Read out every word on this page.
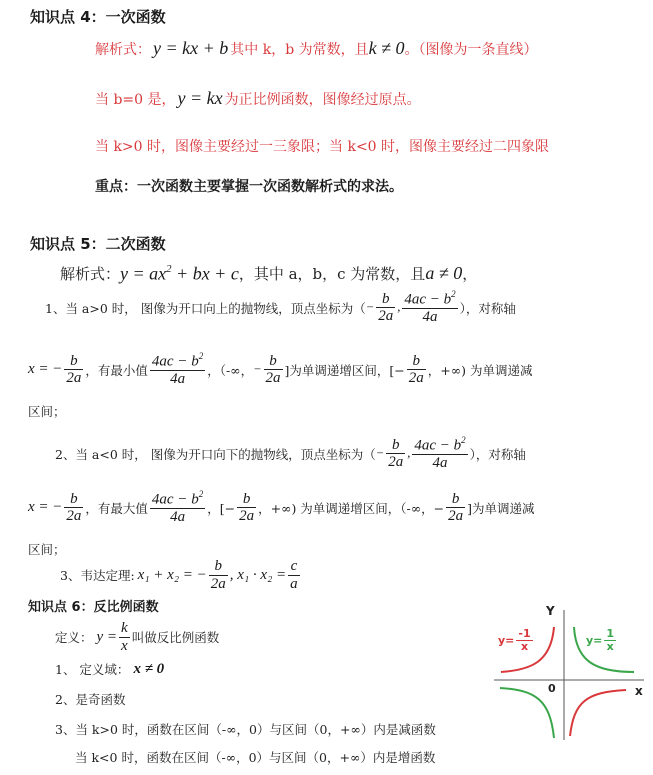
知识点 4：一次函数
解析式： y = kx + b 其中 k，b 为常数，且 k ≠ 0 。（图像为一条直线）
当 b=0 是， y = kx 为正比例函数，图像经过原点。
当 k>0 时，图像主要经过一三象限；当 k<0 时，图像主要经过二四象限
重点：一次函数主要掌握一次函数解析式的求法。
知识点 5：二次函数
解析式： $y = ax^2$ + bx + c ，其中 a，b，c 为常数，且 a ≠ 0 ，
1、当 a>0 时， 图像为开口向上的抛物线，顶点坐标为（ − $\frac{b}{2a}$ , $\frac{4ac - b^2}{4a}$ ），对称轴
x = − $\frac{b}{2a}$ ，有最小值 $\frac{4ac - b^2}{4a}$ ，（-∞， − $\frac{b}{2a}$ ]为单调递增区间，[− $\frac{b}{2a}$ ，+∞) 为单调递减
区间；
2、当 a<0 时， 图像为开口向下的抛物线，顶点坐标为（ − $\frac{b}{2a}$ , $\frac{4ac - b^2}{4a}$ ），对称轴
x = − $\frac{b}{2a}$ ，有最大值 $\frac{4ac - b^2}{4a}$ ，[− $\frac{b}{2a}$ ，+∞) 为单调递增区间，（-∞，− $\frac{b}{2a}$ ]为单调递减
区间；
3、韦达定理: x₁ + x₂ = − $\frac{b}{2a}$ , $x_1 \cdot x_2 = \frac{c}{a}$
知识点 6：反比例函数
定义： $y = \frac{k}{x}$ 叫做反比例函数
1、 定义域： x ≠ 0
2、是奇函数
3、当 k>0 时，函数在区间（-∞，0）与区间（0，+∞）内是减函数
当 k<0 时，函数在区间（-∞，0）与区间（0，+∞）内是增函数
Y
x
0
$y= \frac{-1}{x}$	$y= \frac{1}{x}$
